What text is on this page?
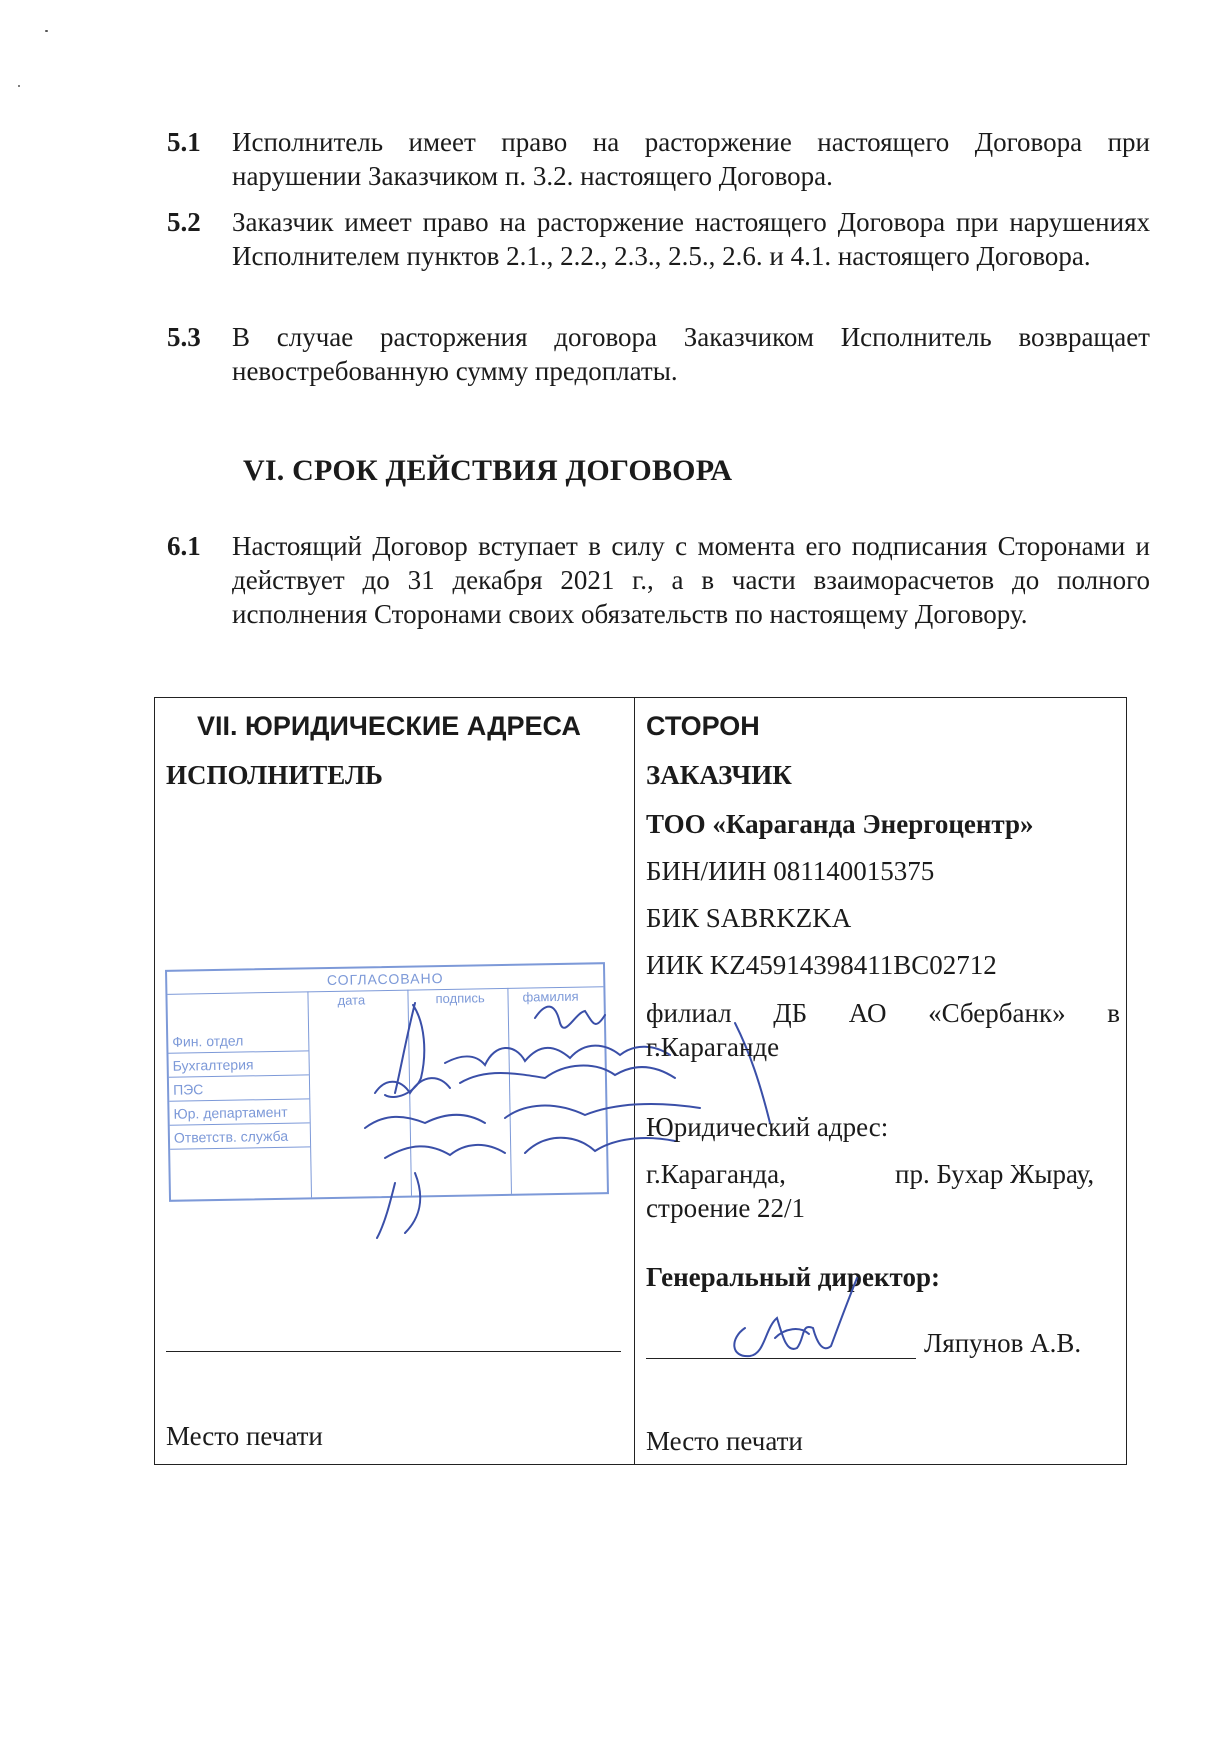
5.1 Исполнитель имеет право на расторжение настоящего Договора при нарушении Заказчиком п. 3.2. настоящего Договора.
5.2 Заказчик имеет право на расторжение настоящего Договора при нарушениях Исполнителем пунктов 2.1., 2.2., 2.3., 2.5., 2.6. и 4.1. настоящего Договора.
5.3 В случае расторжения договора Заказчиком Исполнитель возвращает невостребованную сумму предоплаты.
VI. СРОК ДЕЙСТВИЯ ДОГОВОРА
6.1 Настоящий Договор вступает в силу с момента его подписания Сторонами и действует до 31 декабря 2021 г., а в части взаиморасчетов до полного исполнения Сторонами своих обязательств по настоящему Договору.
VII. ЮРИДИЧЕСКИЕ АДРЕСА
ИСПОЛНИТЕЛЬ
СОГЛАСОВАНО
дата	подпись	фамилия
Фин. отдел
Бухгалтерия
ПЭС
Юр. департамент
Ответств. служба
Место печати
СТОРОН
ЗАКАЗЧИК
ТОО «Караганда Энергоцентр»
БИН/ИИН 081140015375
БИК SABRKZKA
ИИК KZ45914398411BC02712
филиал ДБ АО «Сбербанк» в
г.Караганде
Юридический адрес:
г.Караганда,	пр. Бухар Жырау,
строение 22/1
Генеральный директор:
Ляпунов А.В.
Место печати
